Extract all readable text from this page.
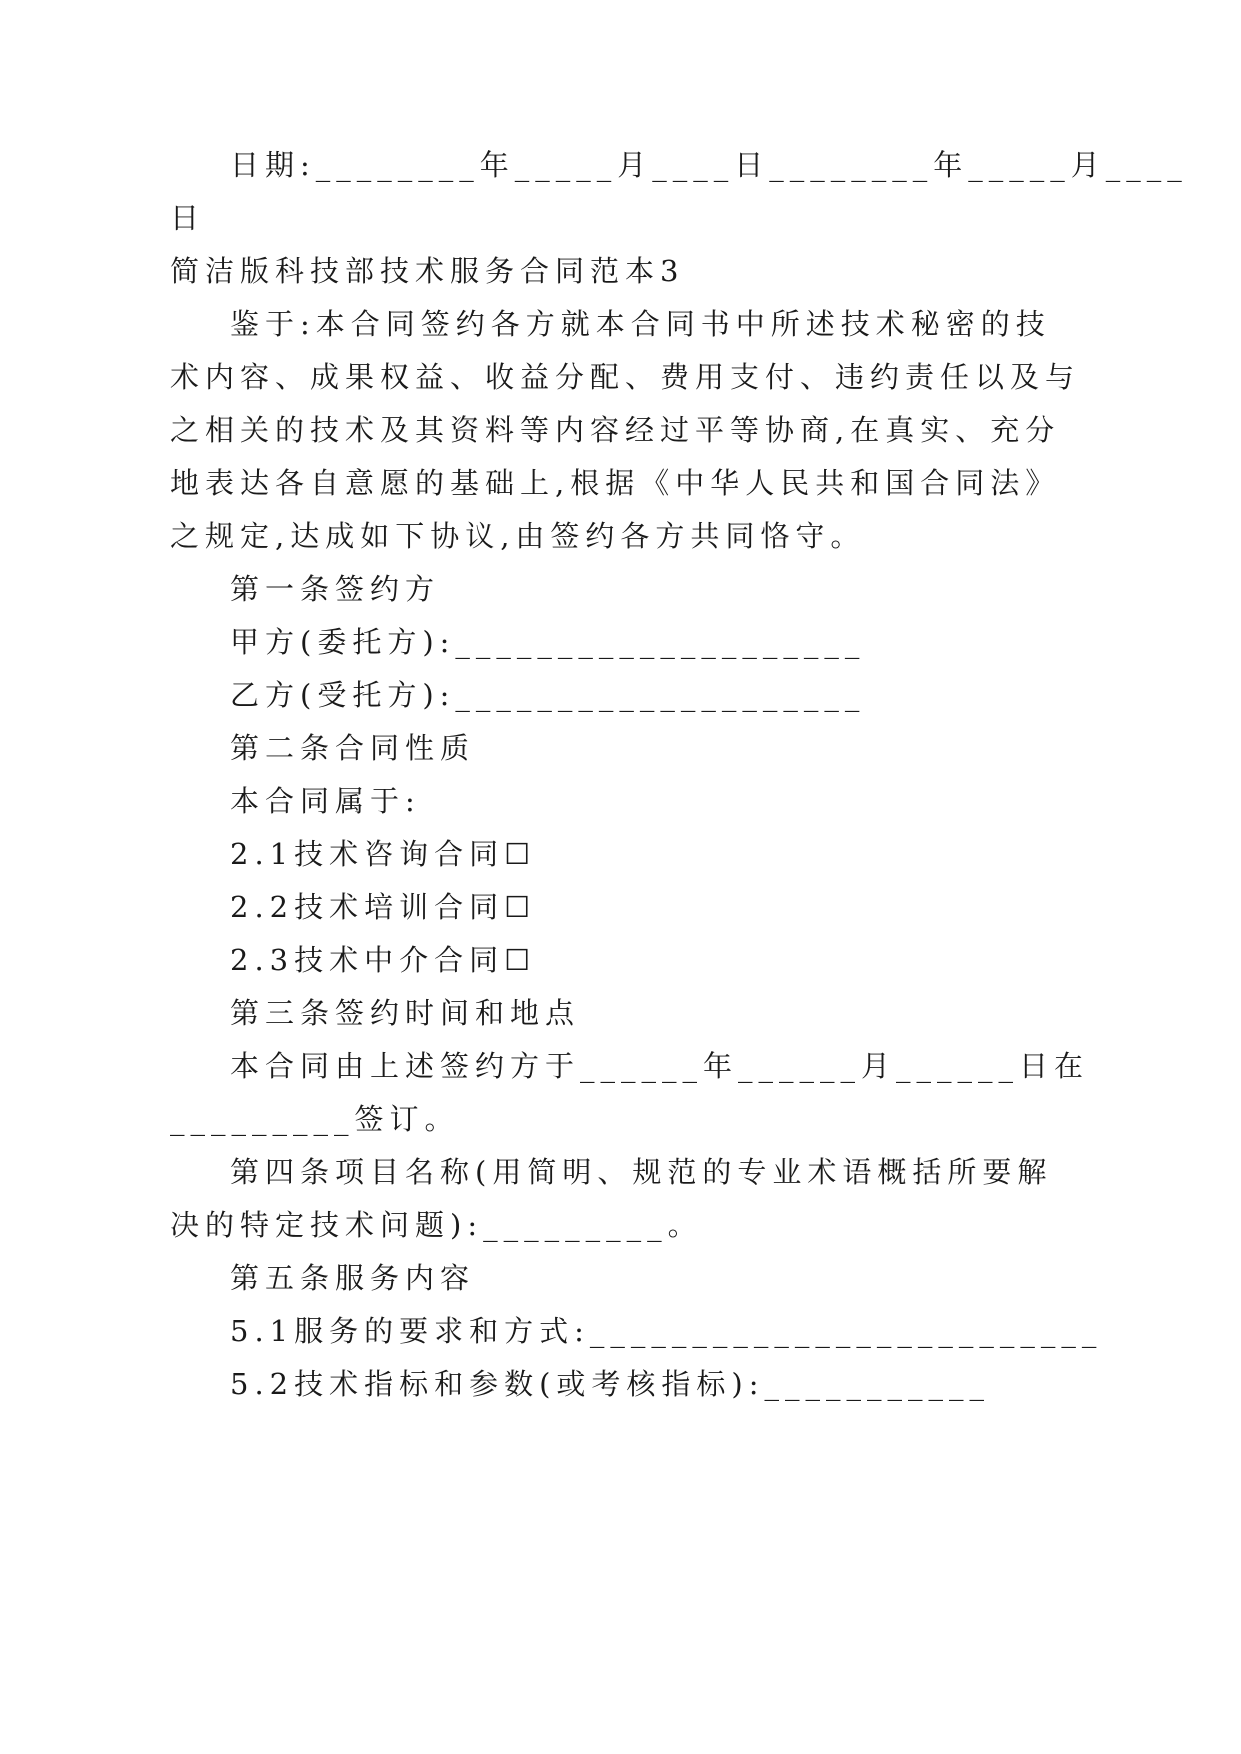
日期:________年_____月____日________年_____月____
日
简洁版科技部技术服务合同范本3
鉴于:本合同签约各方就本合同书中所述技术秘密的技
术内容、成果权益、收益分配、费用支付、违约责任以及与
之相关的技术及其资料等内容经过平等协商,在真实、充分
地表达各自意愿的基础上,根据《中华人民共和国合同法》
之规定,达成如下协议,由签约各方共同恪守。
第一条签约方
甲方(委托方):____________________
乙方(受托方):____________________
第二条合同性质
本合同属于:
2.1技术咨询合同☐
2.2技术培训合同☐
2.3技术中介合同☐
第三条签约时间和地点
本合同由上述签约方于______年______月______日在
_________签订。
第四条项目名称(用简明、规范的专业术语概括所要解
决的特定技术问题):_________。
第五条服务内容
5.1服务的要求和方式:_________________________
5.2技术指标和参数(或考核指标):___________
